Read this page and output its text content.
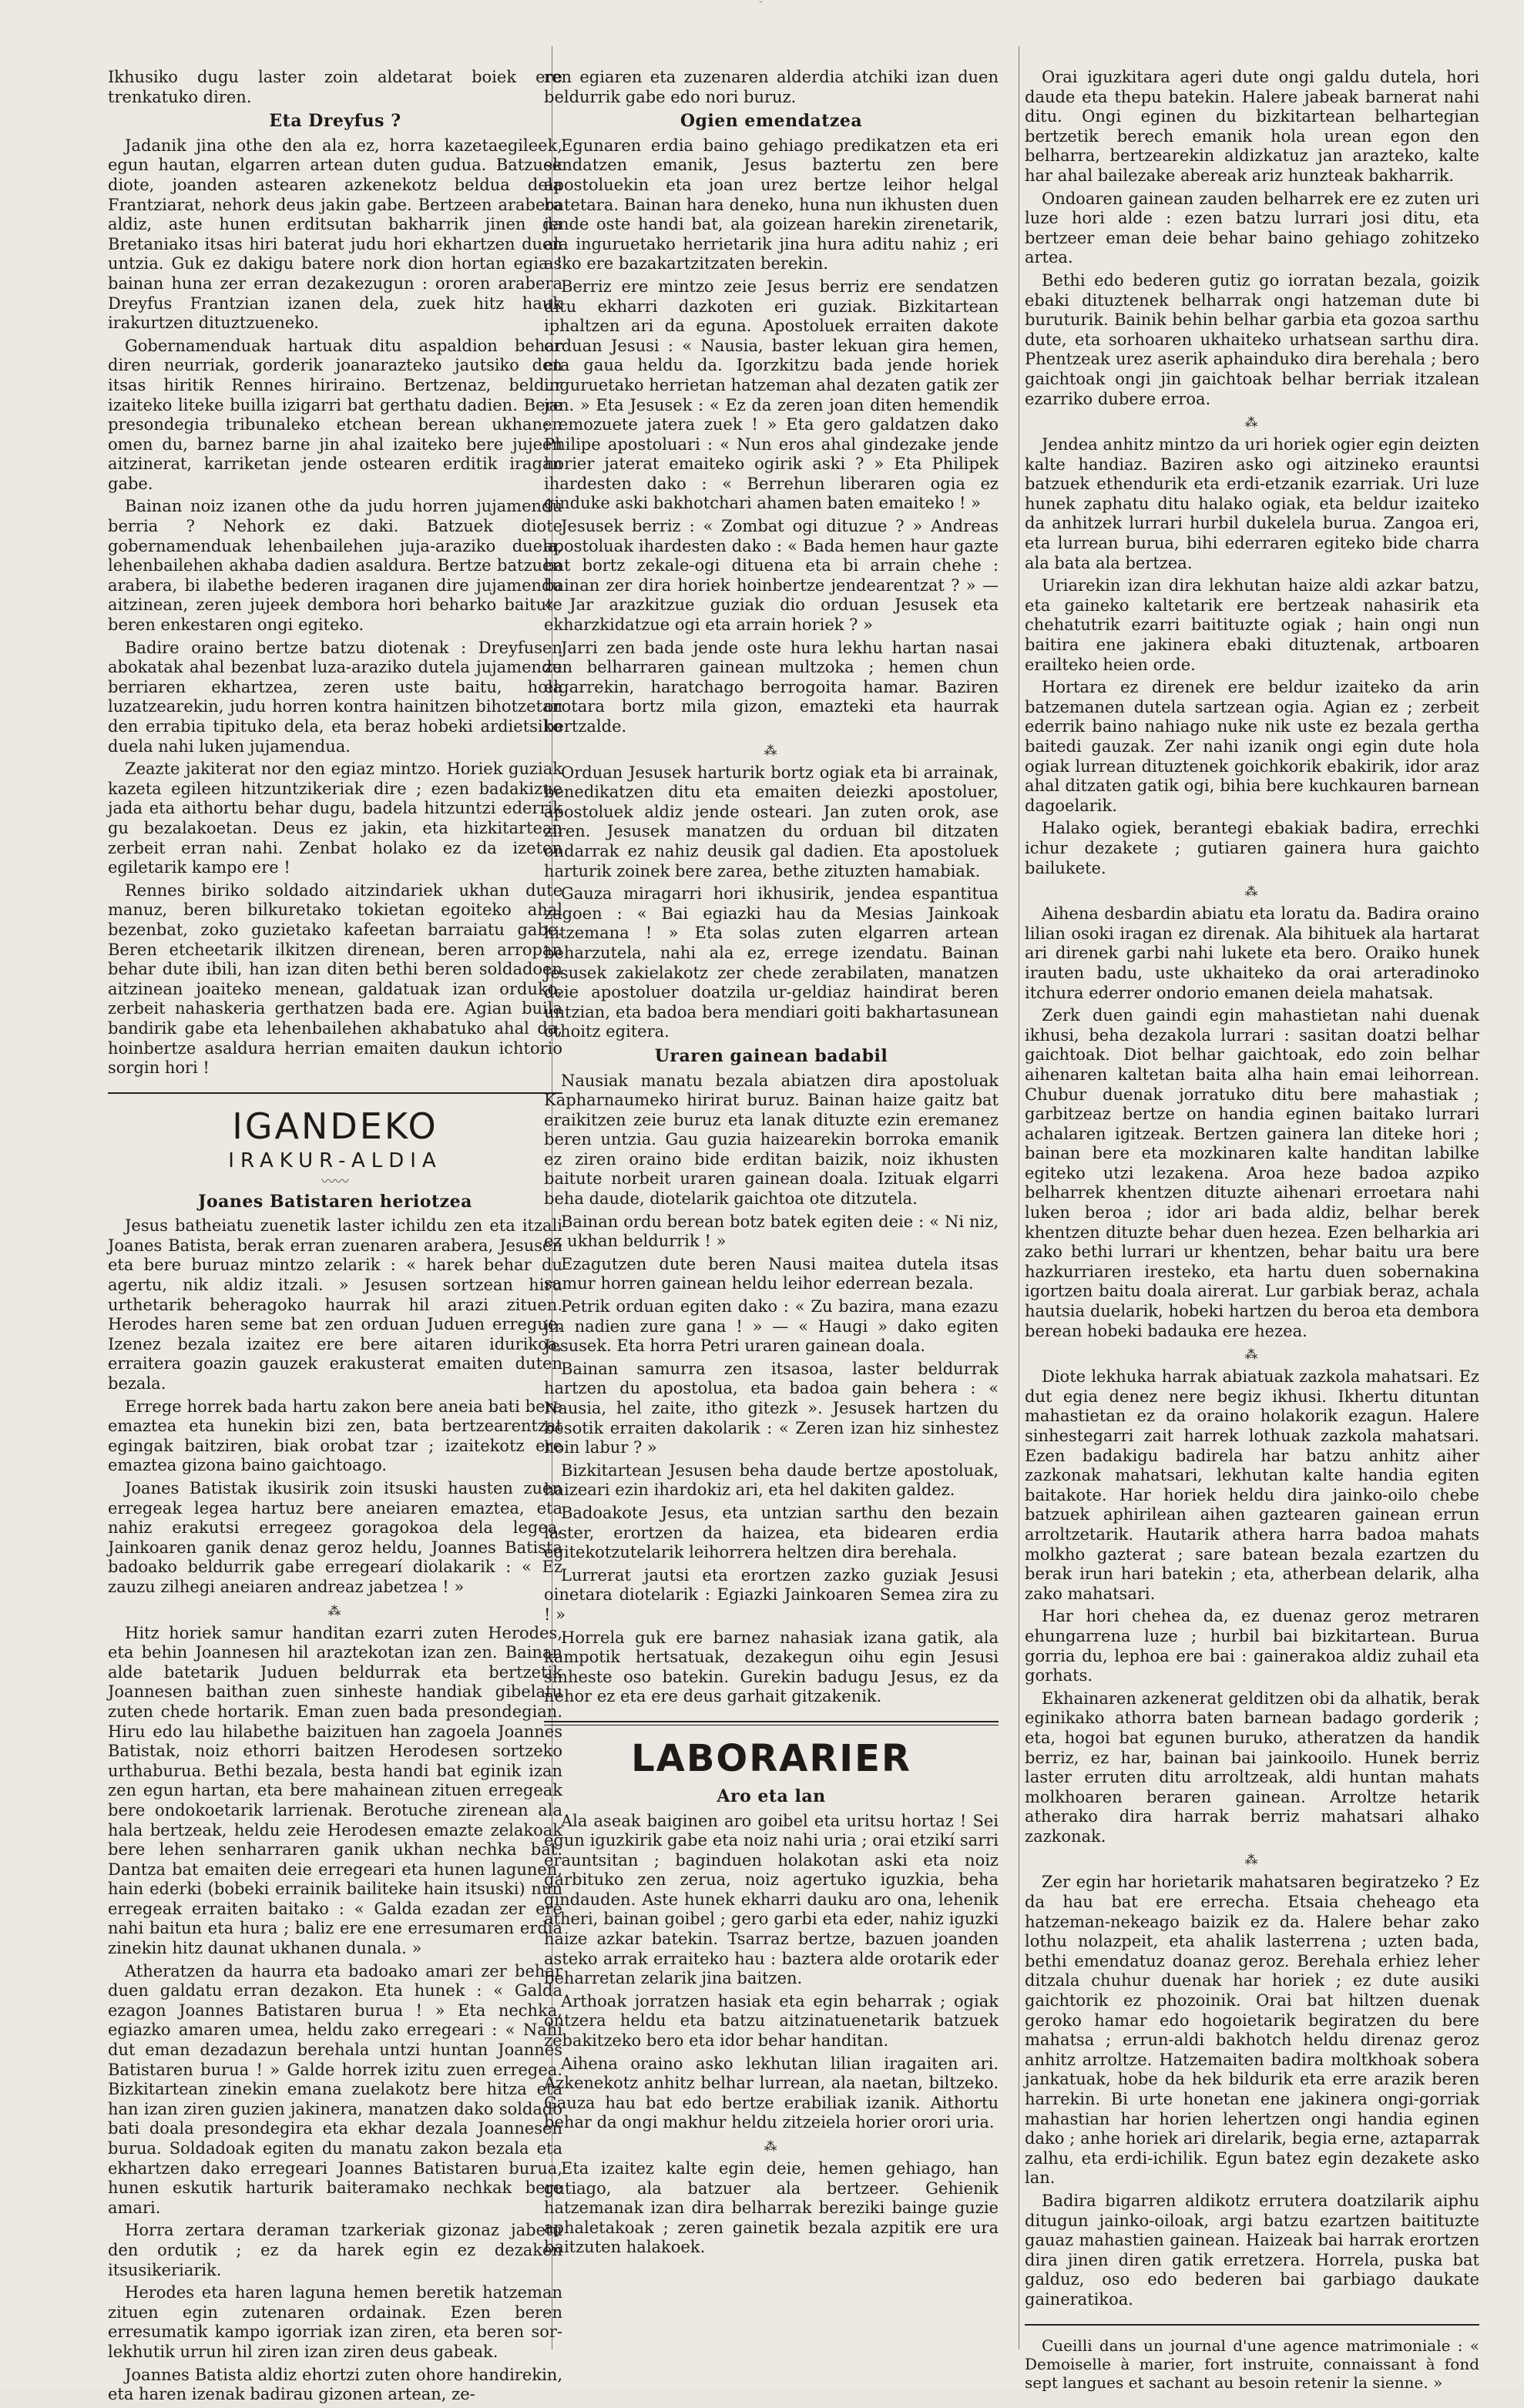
ˇ

Ikhusiko dugu laster zoin aldetarat boiek ere trenkatuko diren.

Eta Dreyfus ?

Jadanik jina othe den ala ez, horra kazetaegileek, egun hautan, elgarren artean duten gudua. Batzuek diote, joanden astearen azkenekotz beldua dela Frantziarat, nehork deus jakin gabe. Bertzeen arabera aldiz, aste hunen erditsutan bakharrik jinen da Bretaniako itsas hiri baterat judu hori ekhartzen duen untzia. Guk ez dakigu batere nork dion hortan egia ! bainan huna zer erran dezakezugun : ororen arabera Dreyfus Frantzian izanen dela, zuek hitz hauk irakurtzen dituztzueneko.

Gobernamenduak hartuak ditu aspaldion behar diren neurriak, gorderik joanarazteko jautsiko den itsas hiritik Rennes hiriraino. Bertzenaz, beldur izaiteko liteke builla izigarri bat gerthatu dadien. Bere presondegia tribunaleko etchean berean ukhanen omen du, barnez barne jin ahal izaiteko bere jujeen aitzinerat, karriketan jende ostearen erditik iragan gabe.

Bainan noiz izanen othe da judu horren jujamendu berria ? Nehork ez daki. Batzuek diote gobernamenduak lehenbailehen juja-araziko duela, lehenbailehen akhaba dadien asaldura. Bertze batzuen arabera, bi ilabethe bederen iraganen dire jujamendu aitzinean, zeren jujeek dembora hori beharko baitute beren enkestaren ongi egiteko.

Badire oraino bertze batzu diotenak : Dreyfusen abokatak ahal bezenbat luza-araziko dutela jujamendu berriaren ekhartzea, zeren uste baitu, hola luzatzearekin, judu horren kontra hainitzen bihotzetan den errabia tipituko dela, eta beraz hobeki ardietsiko duela nahi luken jujamendua.

Zeazte jakiterat nor den egiaz mintzo. Horiek guziak kazeta egileen hitzuntzikeriak dire ; ezen badakizue jada eta aithortu behar dugu, badela hitzuntzi ederrik gu bezalakoetan. Deus ez jakin, eta hizkitartean zerbeit erran nahi. Zenbat holako ez da izeten egiletarik kampo ere !

Rennes biriko soldado aitzindariek ukhan dute manuz, beren bilkuretako tokietan egoiteko ahal bezenbat, zoko guzietako kafeetan barraiatu gabe. Beren etcheetarik ilkitzen direnean, beren arropan behar dute ibili, han izan diten bethi beren soldadoen aitzinean joaiteko menean, galdatuak izan orduko, zerbeit nahaskeria gerthatzen bada ere. Agian buila bandirik gabe eta lehenbailehen akhabatuko ahal da, hoinbertze asaldura herrian emaiten daukun ichtorio sorgin hori !

IGANDEKO
IRAKUR-ALDIA
〰〰
Joanes Batistaren heriotzea

Jesus batheiatu zuenetik laster ichildu zen eta itzali Joanes Batista, berak erran zuenaren arabera, Jesusen eta bere buruaz mintzo zelarik : « harek behar du agertu, nik aldiz itzali. » Jesusen sortzean hiru urthetarik beheragoko haurrak hil arazi zituen. Herodes haren seme bat zen orduan Juduen erregue. Izenez bezala izaitez ere bere aitaren idurikoa, erraitera goazin gauzek erakusterat emaiten duten bezala.

Errege horrek bada hartu zakon bere aneia bati bere emaztea eta hunekin bizi zen, bata bertzearentzat egingak baitziren, biak orobat tzar ; izaitekotz ere emaztea gizona baino gaichtoago.

Joanes Batistak ikusirik zoin itsuski hausten zuen erregeak legea hartuz bere aneiaren emaztea, eta nahiz erakutsi erregeez goragokoa dela legea, Jainkoaren ganik denaz geroz heldu, Joannes Batista badoako beldurrik gabe erregearí diolakarik : « Ez zauzu zilhegi aneiaren andreaz jabetzea ! »

⁂

Hitz horiek samur handitan ezarri zuten Herodes, eta behin Joannesen hil araztekotan izan zen. Bainan alde batetarik Juduen beldurrak eta bertzetik Joannesen baithan zuen sinheste handiak gibelatu zuten chede hortarik. Eman zuen bada presondegian. Hiru edo lau hilabethe baizituen han zagoela Joannes Batistak, noiz ethorri baitzen Herodesen sortzeko urthaburua. Bethi bezala, besta handi bat eginik izan zen egun hartan, eta bere mahainean zituen erregeak bere ondokoetarik larrienak. Berotuche zirenean ala hala bertzeak, heldu zeie Herodesen emazte zelakoak bere lehen senharraren ganik ukhan nechka bat. Dantza bat emaiten deie erregeari eta hunen lagunen, hain ederki (bobeki errainik bailiteke hain itsuski) nun erregeak erraiten baitako : « Galda ezadan zer ere nahi baitun eta hura ; baliz ere ene erresumaren erdia zinekin hitz daunat ukhanen dunala. »

Atheratzen da haurra eta badoako amari zer behar duen galdatu erran dezakon. Eta hunek : « Galda ezagon Joannes Batistaren burua ! » Eta nechka, egiazko amaren umea, heldu zako erregeari : « Nahi dut eman dezadazun berehala untzi huntan Joannes Batistaren burua ! » Galde horrek izitu zuen erregea. Bizkitartean zinekin emana zuelakotz bere hitza eta han izan ziren guzien jakinera, manatzen dako soldado bati doala presondegira eta ekhar dezala Joannesen burua. Soldadoak egiten du manatu zakon bezala eta ekhartzen dako erregeari Joannes Batistaren burua, hunen eskutik harturik baiteramako nechkak bere amari.

Horra zertara deraman tzarkeriak gizonaz jabetu den ordutik ; ez da harek egin ez dezaken itsusikeriarik.

Herodes eta haren laguna hemen beretik hatzeman zituen egin zutenaren ordainak. Ezen beren erresumatik kampo igorriak izan ziren, eta beren sor-lekhutik urrun hil ziren izan ziren deus gabeak.

Joannes Batista aldiz ehortzi zuten ohore handirekin, eta haren izenak badirau gizonen artean, ze-

ren egiaren eta zuzenaren alderdia atchiki izan duen beldurrik gabe edo nori buruz.

Ogien emendatzea

Egunaren erdia baino gehiago predikatzen eta eri sendatzen emanik, Jesus baztertu zen bere apostoluekin eta joan urez bertze leihor helgal batetara. Bainan hara deneko, huna nun ikhusten duen jende oste handi bat, ala goizean harekin zirenetarik, ala inguruetako herrietarik jina hura aditu nahiz ; eri asko ere bazakartzitzaten berekin.

Berriz ere mintzo zeie Jesus berriz ere sendatzen ditu ekharri dazkoten eri guziak. Bizkitartean iphaltzen ari da eguna. Apostoluek erraiten dakote orduan Jesusi : « Nausia, baster lekuan gira hemen, eta gaua heldu da. Igorzkitzu bada jende horiek inguruetako herrietan hatzeman ahal dezaten gatik zer jan. » Eta Jesusek : « Ez da zeren joan diten hemendik ; emozuete jatera zuek ! » Eta gero galdatzen dako Philipe apostoluari : « Nun eros ahal gindezake jende horier jaterat emaiteko ogirik aski ? » Eta Philipek ihardesten dako : « Berrehun liberaren ogia ez ginduke aski bakhotchari ahamen baten emaiteko ! »

Jesusek berriz : « Zombat ogi dituzue ? » Andreas apostoluak ihardesten dako : « Bada hemen haur gazte bat bortz zekale-ogi dituena eta bi arrain chehe : bainan zer dira horiek hoinbertze jendearentzat ? » — « Jar arazkitzue guziak dio orduan Jesusek eta ekharzkidatzue ogi eta arrain horiek ? »

Jarri zen bada jende oste hura lekhu hartan nasai zen belharraren gainean multzoka ; hemen chun elgarrekin, haratchago berrogoita hamar. Baziren orotara bortz mila gizon, emazteki eta haurrak bertzalde.

⁂

Orduan Jesusek harturik bortz ogiak eta bi arrainak, benedikatzen ditu eta emaiten deiezki apostoluer, apostoluek aldiz jende osteari. Jan zuten orok, ase ziren. Jesusek manatzen du orduan bil ditzaten ondarrak ez nahiz deusik gal dadien. Eta apostoluek harturik zoinek bere zarea, bethe zituzten hamabiak.

Gauza miragarri hori ikhusirik, jendea espantitua zagoen : « Bai egiazki hau da Mesias Jainkoak hitzemana ! » Eta solas zuten elgarren artean beharzutela, nahi ala ez, errege izendatu. Bainan Jesusek zakielakotz zer chede zerabilaten, manatzen deie apostoluer doatzila ur-geldiaz haindirat beren untzian, eta badoa bera mendiari goiti bakhartasunean othoitz egitera.

Uraren gainean badabil

Nausiak manatu bezala abiatzen dira apostoluak Kapharnaumeko hirirat buruz. Bainan haize gaitz bat eraikitzen zeie buruz eta lanak dituzte ezin eremanez beren untzia. Gau guzia haizearekin borroka emanik ez ziren oraino bide erditan baizik, noiz ikhusten baitute norbeit uraren gainean doala. Izituak elgarri beha daude, diotelarik gaichtoa ote ditzutela.

Bainan ordu berean botz batek egiten deie : « Ni niz, ez ukhan beldurrik ! »

Ezagutzen dute beren Nausi maitea dutela itsas samur horren gainean heldu leihor ederrean bezala.

Petrik orduan egiten dako : « Zu bazira, mana ezazu jin nadien zure gana ! » — « Haugi » dako egiten Jesusek. Eta horra Petri uraren gainean doala.

Bainan samurra zen itsasoa, laster beldurrak hartzen du apostolua, eta badoa gain behera : « Nausia, hel zaite, itho gitezk ». Jesusek hartzen du besotik erraiten dakolarik : « Zeren izan hiz sinhestez hoin labur ? »

Bizkitartean Jesusen beha daude bertze apostoluak, haizeari ezin ihardokiz ari, eta hel dakiten galdez.

Badoakote Jesus, eta untzian sarthu den bezain laster, erortzen da haizea, eta bidearen erdia egitekotzutelarik leihorrera heltzen dira berehala.

Lurrerat jautsi eta erortzen zazko guziak Jesusi oinetara diotelarik : Egiazki Jainkoaren Semea zira zu ! »

Horrela guk ere barnez nahasiak izana gatik, ala kampotik hertsatuak, dezakegun oihu egin Jesusi sinheste oso batekin. Gurekin badugu Jesus, ez da nehor ez eta ere deus garhait gitzakenik.

LABORARIER
Aro eta lan

Ala aseak baiginen aro goibel eta uritsu hortaz ! Sei egun iguzkirik gabe eta noiz nahi uria ; orai etzikí sarri erauntsitan ; baginduen holakotan aski eta noiz garbituko zen zerua, noiz agertuko iguzkia, beha gindauden. Aste hunek ekharri dauku aro ona, lehenik atheri, bainan goibel ; gero garbi eta eder, nahiz iguzki haize azkar batekin. Tsarraz bertze, bazuen joanden asteko arrak erraiteko hau : baztera alde orotarik eder beharretan zelarik jina baitzen.

Arthoak jorratzen hasiak eta egin beharrak ; ogiak ontzera heldu eta batzu aitzinatuenetarik batzuek zebakitzeko bero eta idor behar handitan.

Aihena oraino asko lekhutan lilian iragaiten ari. Azkenekotz anhitz belhar lurrean, ala naetan, biltzeko. Gauza hau bat edo bertze erabiliak izanik. Aithortu behar da ongi makhur heldu zitzeiela horier orori uria.

⁂

Eta izaitez kalte egin deie, hemen gehiago, han gutiago, ala batzuer ala bertzeer. Gehienik hatzemanak izan dira belharrak bereziki bainge guzie aphaletakoak ; zeren gainetik bezala azpitik ere ura baitzuten halakoek.

Orai iguzkitara ageri dute ongi galdu dutela, hori daude eta thepu batekin. Halere jabeak barnerat nahi ditu. Ongi eginen du bizkitartean belhartegian bertzetik berech emanik hola urean egon den belharra, bertzearekin aldizkatuz jan arazteko, kalte har ahal bailezake abereak ariz hunzteak bakharrik.

Ondoaren gainean zauden belharrek ere ez zuten uri luze hori alde : ezen batzu lurrari josi ditu, eta bertzeer eman deie behar baino gehiago zohitzeko artea.

Bethi edo bederen gutiz go iorratan bezala, goizik ebaki dituztenek belharrak ongi hatzeman dute bi buruturik. Bainik behin belhar garbia eta gozoa sarthu dute, eta sorhoaren ukhaiteko urhatsean sarthu dira. Phentzeak urez aserik aphainduko dira berehala ; bero gaichtoak ongi jin gaichtoak belhar berriak itzalean ezarriko dubere erroa.

⁂

Jendea anhitz mintzo da uri horiek ogier egin deizten kalte handiaz. Baziren asko ogi aitzineko erauntsi batzuek ethendurik eta erdi-etzanik ezarriak. Uri luze hunek zaphatu ditu halako ogiak, eta beldur izaiteko da anhitzek lurrari hurbil dukelela burua. Zangoa eri, eta lurrean burua, bihi ederraren egiteko bide charra ala bata ala bertzea.

Uriarekin izan dira lekhutan haize aldi azkar batzu, eta gaineko kaltetarik ere bertzeak nahasirik eta chehatutrik ezarri baitituzte ogiak ; hain ongi nun baitira ene jakinera ebaki dituztenak, artboaren erailteko heien orde.

Hortara ez direnek ere beldur izaiteko da arin batzemanen dutela sartzean ogia. Agian ez ; zerbeit ederrik baino nahiago nuke nik uste ez bezala gertha baitedi gauzak. Zer nahi izanik ongi egin dute hola ogiak lurrean dituztenek goichkorik ebakirik, idor araz ahal ditzaten gatik ogi, bihia bere kuchkauren barnean dagoelarik.

Halako ogiek, berantegi ebakiak badira, errechki ichur dezakete ; gutiaren gainera hura gaichto bailukete.

⁂

Aihena desbardin abiatu eta loratu da. Badira oraino lilian osoki iragan ez direnak. Ala bihituek ala hartarat ari direnek garbi nahi lukete eta bero. Oraiko hunek irauten badu, uste ukhaiteko da orai arteradinoko itchura ederrer ondorio emanen deiela mahatsak.

Zerk duen gaindi egin mahastietan nahi duenak ikhusi, beha dezakola lurrari : sasitan doatzi belhar gaichtoak. Diot belhar gaichtoak, edo zoin belhar aihenaren kaltetan baita alha hain emai leihorrean. Chubur duenak jorratuko ditu bere mahastiak ; garbitzeaz bertze on handia eginen baitako lurrari achalaren igitzeak. Bertzen gainera lan diteke hori ; bainan bere eta mozkinaren kalte handitan labilke egiteko utzi lezakena. Aroa heze badoa azpiko belharrek khentzen dituzte aihenari erroetara nahi luken beroa ; idor ari bada aldiz, belhar berek khentzen dituzte behar duen hezea. Ezen belharkia ari zako bethi lurrari ur khentzen, behar baitu ura bere hazkurriaren iresteko, eta hartu duen sobernakina igortzen baitu doala airerat. Lur garbiak beraz, achala hautsia duelarik, hobeki hartzen du beroa eta dembora berean hobeki badauka ere hezea.

⁂

Diote lekhuka harrak abiatuak zazkola mahatsari. Ez dut egia denez nere begiz ikhusi. Ikhertu dituntan mahastietan ez da oraino holakorik ezagun. Halere sinhestegarri zait harrek lothuak zazkola mahatsari. Ezen badakigu badirela har batzu anhitz aiher zazkonak mahatsari, lekhutan kalte handia egiten baitakote. Har horiek heldu dira jainko-oilo chebe batzuek aphirilean aihen gaztearen gainean errun arroltzetarik. Hautarik athera harra badoa mahats molkho gazterat ; sare batean bezala ezartzen du berak irun hari batekin ; eta, atherbean delarik, alha zako mahatsari.

Har hori chehea da, ez duenaz geroz metraren ehungarrena luze ; hurbil bai bizkitartean. Burua gorria du, lephoa ere bai : gainerakoa aldiz zuhail eta gorhats.

Ekhainaren azkenerat gelditzen obi da alhatik, berak eginikako athorra baten barnean badago gorderik ; eta, hogoi bat egunen buruko, atheratzen da handik berriz, ez har, bainan bai jainkooilo. Hunek berriz laster erruten ditu arroltzeak, aldi huntan mahats molkhoaren beraren gainean. Arroltze hetarik atherako dira harrak berriz mahatsari alhako zazkonak.

⁂

Zer egin har horietarik mahatsaren begiratzeko ? Ez da hau bat ere errecha. Etsaia cheheago eta hatzeman-nekeago baizik ez da. Halere behar zako lothu nolazpeit, eta ahalik lasterrena ; uzten bada, bethi emendatuz doanaz geroz. Berehala erhiez leher ditzala chuhur duenak har horiek ; ez dute ausiki gaichtorik ez phozoinik. Orai bat hiltzen duenak geroko hamar edo hogoietarik begiratzen du bere mahatsa ; errun-aldi bakhotch heldu direnaz geroz anhitz arroltze. Hatzemaiten badira moltkhoak sobera jankatuak, hobe da hek bildurik eta erre arazik beren harrekin. Bi urte honetan ene jakinera ongi-gorriak mahastian har horien lehertzen ongi handia eginen dako ; anhe horiek ari direlarik, begia erne, aztaparrak zalhu, eta erdi-ichilik. Egun batez egin dezakete asko lan.

Badira bigarren aldikotz errutera doatzilarik aiphu ditugun jainko-oiloak, argi batzu ezartzen baitituzte gauaz mahastien gainean. Haizeak bai harrak erortzen dira jinen diren gatik erretzera. Horrela, puska bat galduz, oso edo bederen bai garbiago daukate gaineratikoa.

Cueilli dans un journal d'une agence matrimoniale : « Demoiselle à marier, fort instruite, connaissant à fond sept langues et sachant au besoin retenir la sienne. »
